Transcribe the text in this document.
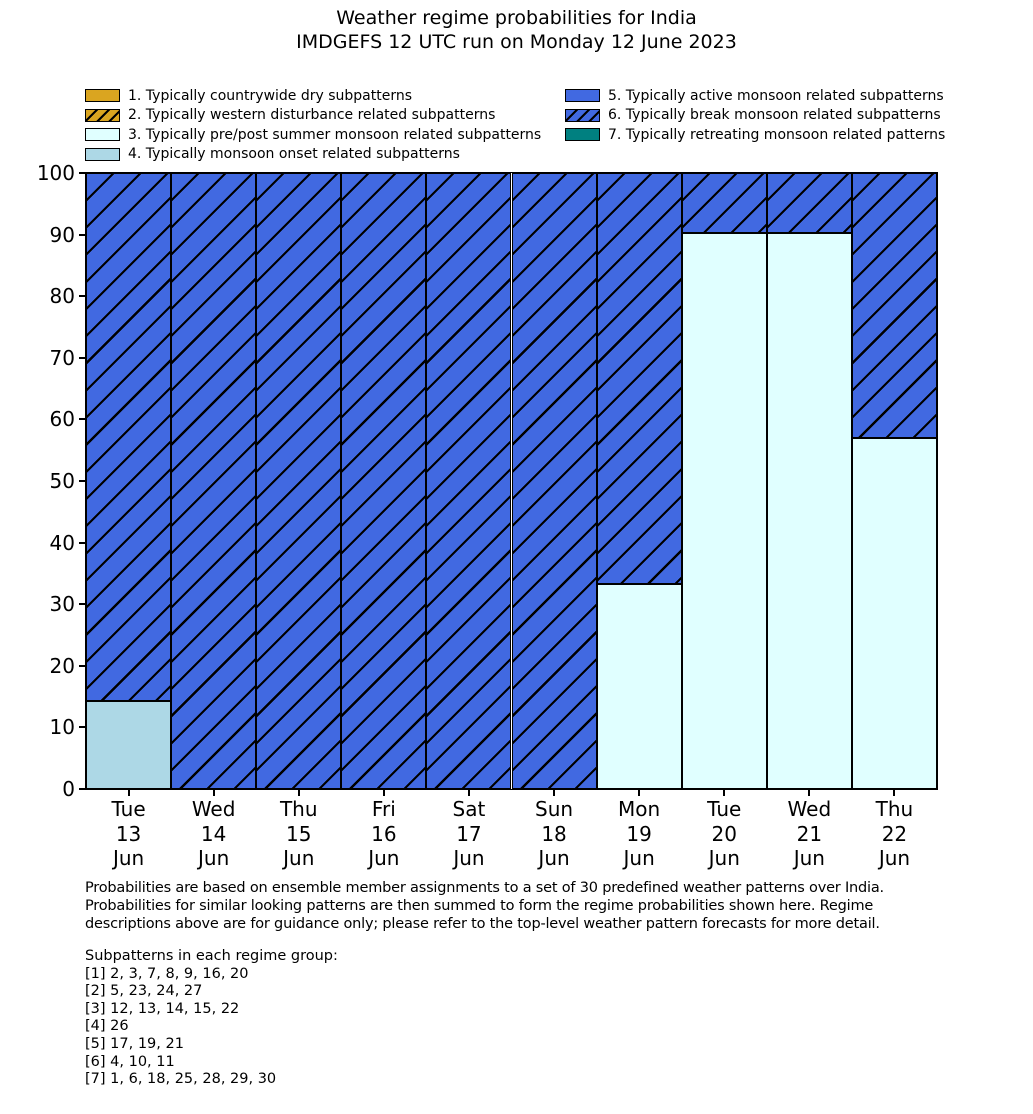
Weather regime probabilities for India
IMDGEFS 12 UTC run on Monday 12 June 2023
1. Typically countrywide dry subpatterns
2. Typically western disturbance related subpatterns
3. Typically pre/post summer monsoon related subpatterns
4. Typically monsoon onset related subpatterns
5. Typically active monsoon related subpatterns
6. Typically break monsoon related subpatterns
7. Typically retreating monsoon related patterns
Tue
13
Jun
Wed
14
Jun
Thu
15
Jun
Fri
16
Jun
Sat
17
Jun
Sun
18
Jun
Mon
19
Jun
Tue
20
Jun
Wed
21
Jun
Thu
22
Jun
0
10
20
30
40
50
60
70
80
90
100
Probabilities are based on ensemble member assignments to a set of 30 predefined weather patterns over India.
Probabilities for similar looking patterns are then summed to form the regime probabilities shown here. Regime
descriptions above are for guidance only; please refer to the top-level weather pattern forecasts for more detail.
Subpatterns in each regime group:
[1] 2, 3, 7, 8, 9, 16, 20
[2] 5, 23, 24, 27
[3] 12, 13, 14, 15, 22
[4] 26
[5] 17, 19, 21
[6] 4, 10, 11
[7] 1, 6, 18, 25, 28, 29, 30
